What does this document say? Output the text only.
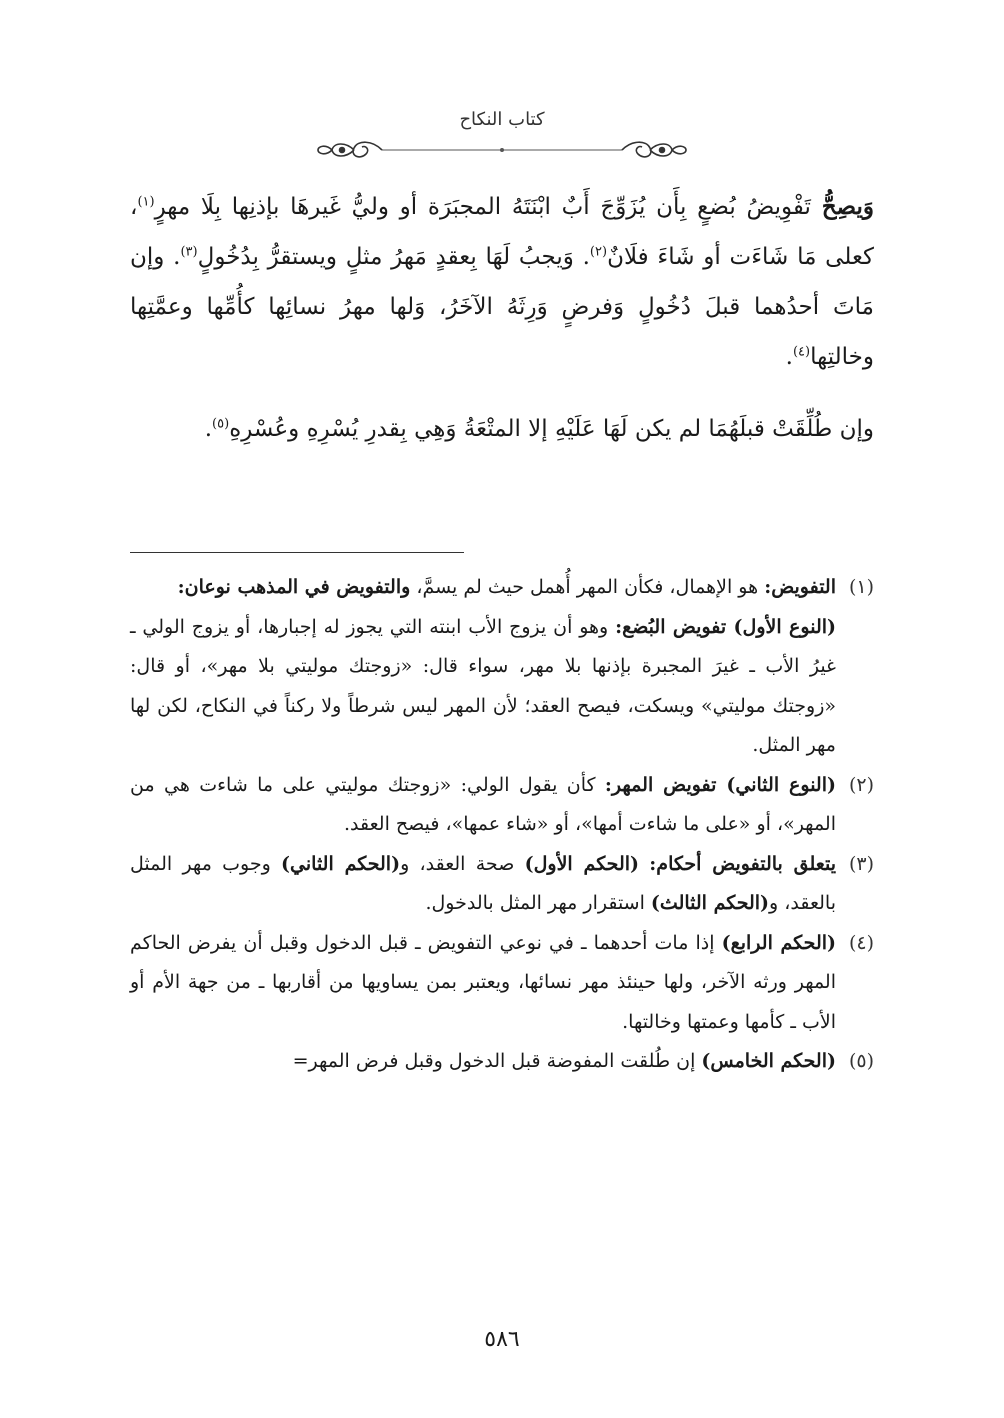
كتاب النكاح

وَيصِحُّ تَفْوِيضُ بُضعٍ بِأَن يُزَوِّجَ أَبٌ ابْنَتَهُ المجبَرَة أو وليُّ غَيرهَا بإذنِها بِلَا مهرٍ$^{(١)}$، كعلى مَا شَاءَت أو شَاءَ فلَانٌ$^{(٢)}$. وَيجبُ لَهَا بِعقدٍ مَهرُ مثلٍ ويستقرُّ بِدُخُولٍ$^{(٣)}$. وإن مَاتَ أحدُهما قبلَ دُخُولٍ وَفرضٍ وَرِثَهُ الآخَرُ، وَلها مهرُ نسائِها كأُمِّها وعمَّتِها وخالتِها$^{(٤)}$.

وإن طُلِّقَتْ قبلَهُمَا لم يكن لَهَا عَلَيْهِ إلا المتْعَةُ وَهِي بِقدرِ يُسْرِهِ وعُسْرِهِ$^{(٥)}$.

(١)
التفويض: هو الإهمال، فكأن المهر أُهمل حيث لم يسمَّ، والتفويض في المذهب نوعان:
(النوع الأول) تفويض البُضع: وهو أن يزوج الأب ابنته التي يجوز له إجبارها، أو يزوج الولي ـ غيرُ الأب ـ غيرَ المجبرة بإذنها بلا مهر، سواء قال: «زوجتك موليتي بلا مهر»، أو قال: «زوجتك موليتي» ويسكت، فيصح العقد؛ لأن المهر ليس شرطاً ولا ركناً في النكاح، لكن لها مهر المثل.
(٢)
(النوع الثاني) تفويض المهر: كأن يقول الولي: «زوجتك موليتي على ما شاءت هي من المهر»، أو «على ما شاءت أمها»، أو «شاء عمها»، فيصح العقد.
(٣)
يتعلق بالتفويض أحكام: (الحكم الأول) صحة العقد، و(الحكم الثاني) وجوب مهر المثل بالعقد، و(الحكم الثالث) استقرار مهر المثل بالدخول.
(٤)
(الحكم الرابع) إذا مات أحدهما ـ في نوعي التفويض ـ قبل الدخول وقبل أن يفرض الحاكم المهر ورثه الآخر، ولها حينئذ مهر نسائها، ويعتبر بمن يساويها من أقاربها ـ من جهة الأم أو الأب ـ كأمها وعمتها وخالتها.
(٥)
(الحكم الخامس) إن طُلقت المفوضة قبل الدخول وقبل فرض المهر=
٥٨٦
